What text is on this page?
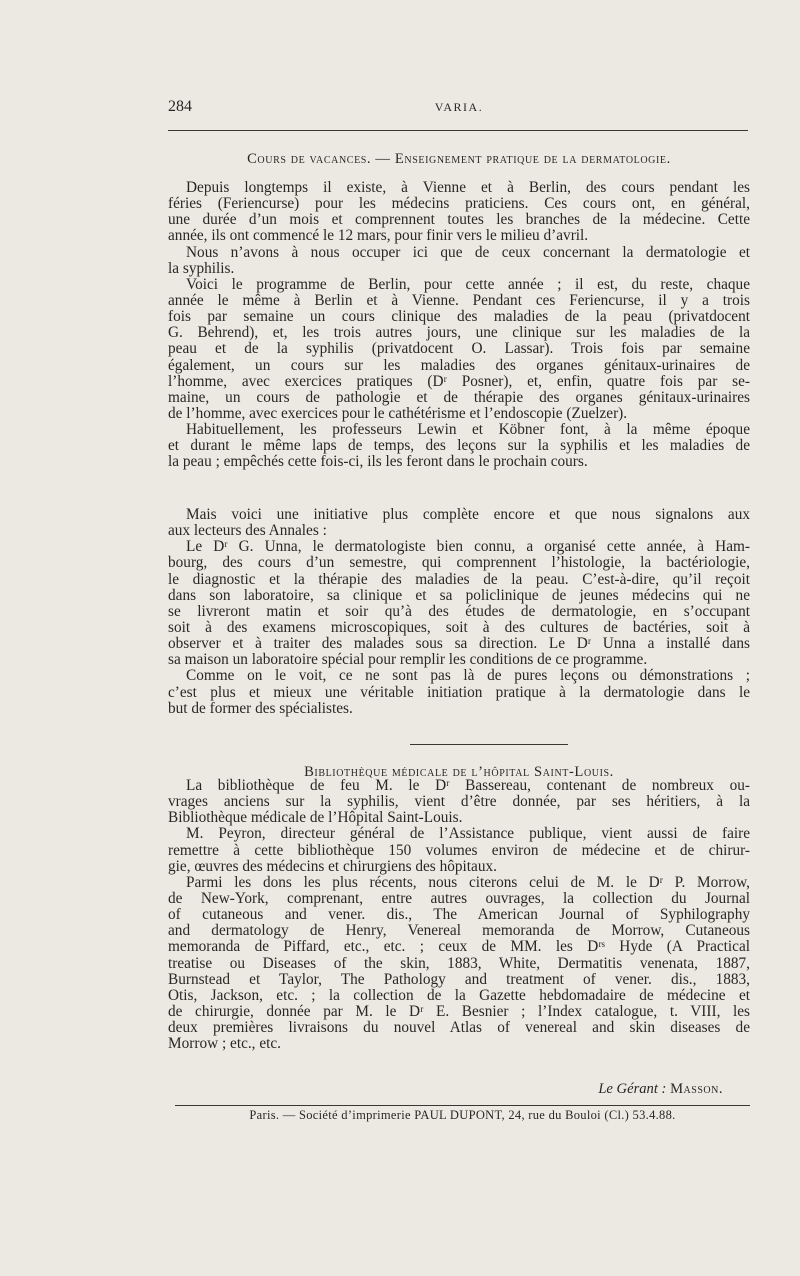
284	VARIA.
Cours de vacances. — Enseignement pratique de la dermatologie.
Depuis longtemps il existe, à Vienne et à Berlin, des cours pendant les
féries (Feriencurse) pour les médecins praticiens. Ces cours ont, en général,
une durée d’un mois et comprennent toutes les branches de la médecine. Cette
année, ils ont commencé le 12 mars, pour finir vers le milieu d’avril.
Nous n’avons à nous occuper ici que de ceux concernant la dermatologie et
la syphilis.
Voici le programme de Berlin, pour cette année ; il est, du reste, chaque
année le même à Berlin et à Vienne. Pendant ces Feriencurse, il y a trois
fois par semaine un cours clinique des maladies de la peau (privatdocent
G. Behrend), et, les trois autres jours, une clinique sur les maladies de la
peau et de la syphilis (privatdocent O. Lassar). Trois fois par semaine
également, un cours sur les maladies des organes génitaux-urinaires de
l’homme, avec exercices pratiques (Dʳ Posner), et, enfin, quatre fois par se-
maine, un cours de pathologie et de thérapie des organes génitaux-urinaires
de l’homme, avec exercices pour le cathétérisme et l’endoscopie (Zuelzer).
Habituellement, les professeurs Lewin et Köbner font, à la même époque
et durant le même laps de temps, des leçons sur la syphilis et les maladies de
la peau ; empêchés cette fois-ci, ils les feront dans le prochain cours.
Mais voici une initiative plus complète encore et que nous signalons aux
aux lecteurs des Annales :
Le Dʳ G. Unna, le dermatologiste bien connu, a organisé cette année, à Ham-
bourg, des cours d’un semestre, qui comprennent l’histologie, la bactériologie,
le diagnostic et la thérapie des maladies de la peau. C’est-à-dire, qu’il reçoit
dans son laboratoire, sa clinique et sa policlinique de jeunes médecins qui ne
se livreront matin et soir qu’à des études de dermatologie, en s’occupant
soit à des examens microscopiques, soit à des cultures de bactéries, soit à
observer et à traiter des malades sous sa direction. Le Dʳ Unna a installé dans
sa maison un laboratoire spécial pour remplir les conditions de ce programme.
Comme on le voit, ce ne sont pas là de pures leçons ou démonstrations ;
c’est plus et mieux une véritable initiation pratique à la dermatologie dans le
but de former des spécialistes.
Bibliothèque médicale de l’hôpital Saint-Louis.
La bibliothèque de feu M. le Dʳ Bassereau, contenant de nombreux ou-
vrages anciens sur la syphilis, vient d’être donnée, par ses héritiers, à la
Bibliothèque médicale de l’Hôpital Saint-Louis.
M. Peyron, directeur général de l’Assistance publique, vient aussi de faire
remettre à cette bibliothèque 150 volumes environ de médecine et de chirur-
gie, œuvres des médecins et chirurgiens des hôpitaux.
Parmi les dons les plus récents, nous citerons celui de M. le Dʳ P. Morrow,
de New-York, comprenant, entre autres ouvrages, la collection du Journal
of cutaneous and vener. dis., The American Journal of Syphilography
and dermatology de Henry, Venereal memoranda de Morrow, Cutaneous
memoranda de Piffard, etc., etc. ; ceux de MM. les Dʳˢ Hyde (A Practical
treatise ou Diseases of the skin, 1883, White, Dermatitis venenata, 1887,
Burnstead et Taylor, The Pathology and treatment of vener. dis., 1883,
Otis, Jackson, etc. ; la collection de la Gazette hebdomadaire de médecine et
de chirurgie, donnée par M. le Dʳ E. Besnier ; l’Index catalogue, t. VIII, les
deux premières livraisons du nouvel Atlas of venereal and skin diseases de
Morrow ; etc., etc.
Le Gérant : Masson.
Paris. — Société d’imprimerie PAUL DUPONT, 24, rue du Bouloi (Cl.) 53.4.88.
